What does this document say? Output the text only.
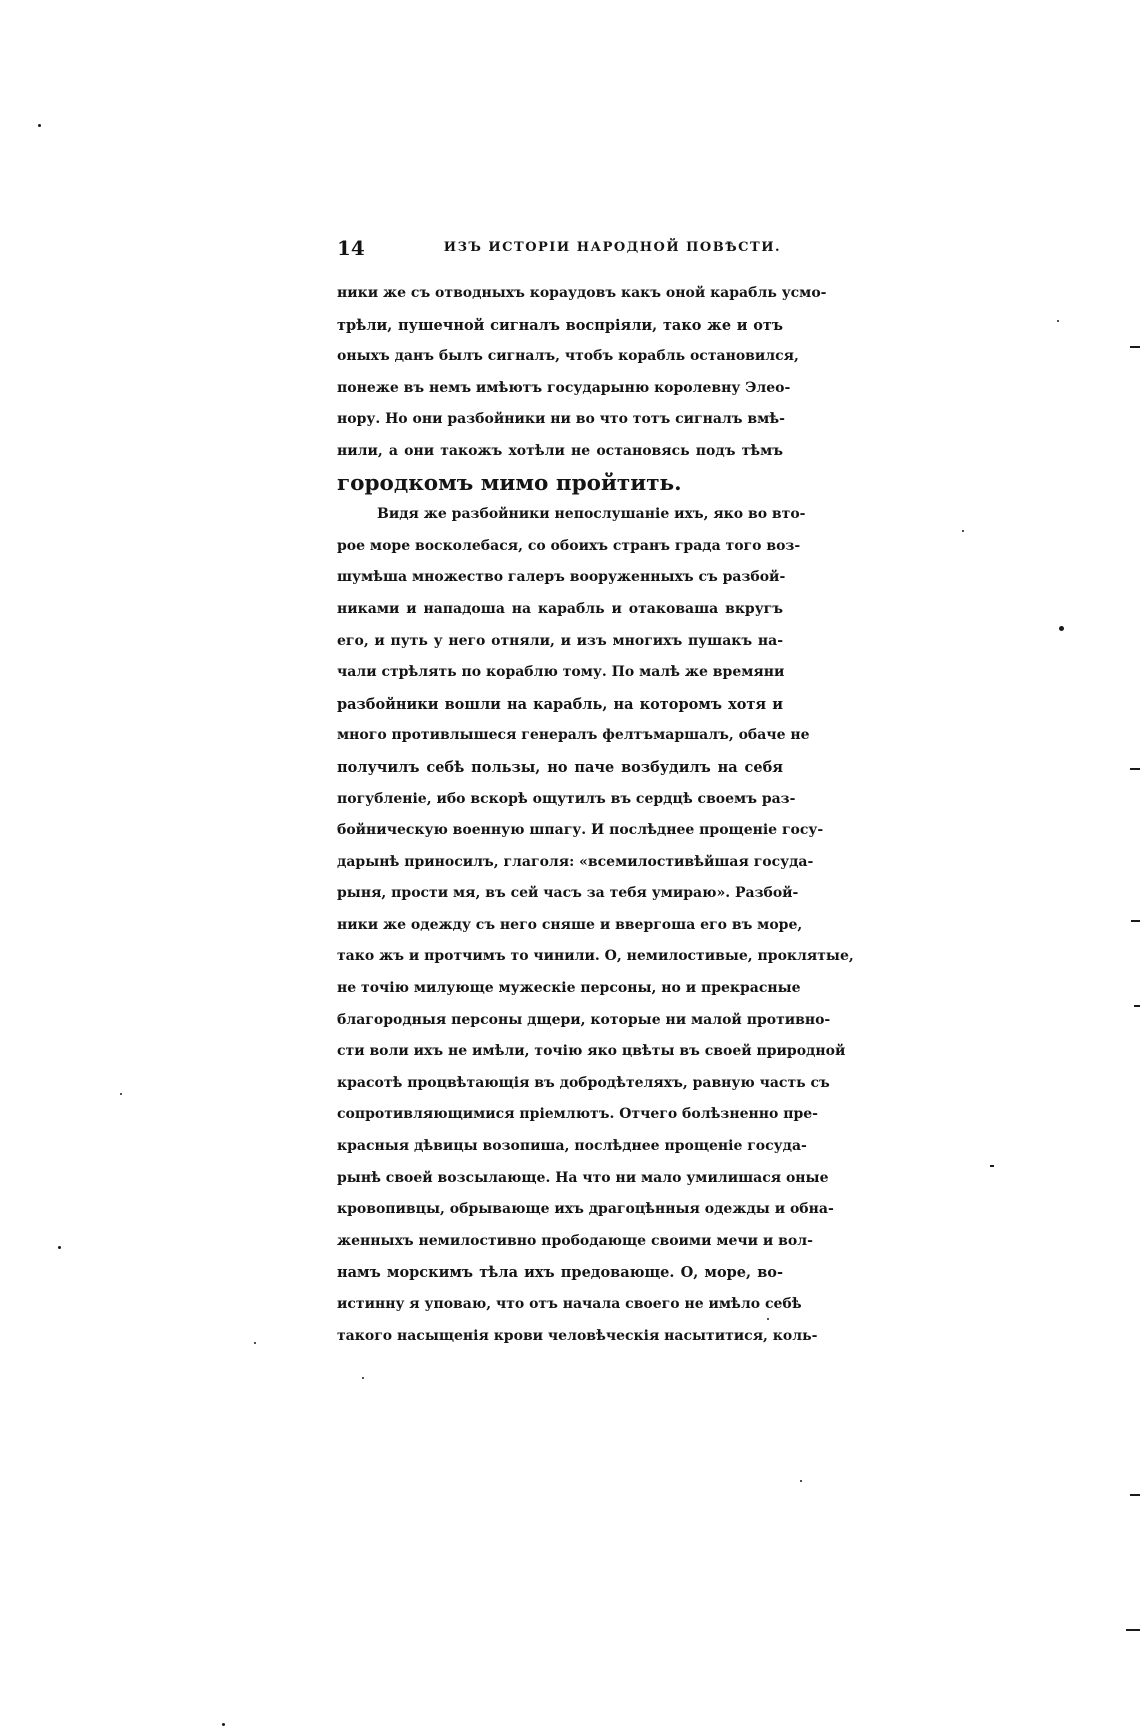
14	ИЗЪ ИСТОРІИ НАРОДНОЙ ПОВѢСТИ.

ники же съ отводныхъ кораудовъ какъ оной карабль усмо-
трѣли, пушечной сигналъ воспріяли, тако же и отъ
оныхъ данъ былъ сигналъ, чтобъ корабль остановился,
понеже въ немъ имѣютъ государыню королевну Элео-
нору. Но они разбойники ни во что тотъ сигналъ вмѣ-
нили, а они такожъ хотѣли не остановясь подъ тѣмъ
городкомъ мимо пройтить.

Видя же разбойники непослушаніе ихъ, яко во вто-
рое море восколебася, со обоихъ странъ града того воз-
шумѣша множество галеръ вооруженныхъ съ разбой-
никами и нападоша на карабль и отаковаша вкругъ
его, и путь у него отняли, и изъ многихъ пушакъ на-
чали стрѣлять по кораблю тому. По малѣ же времяни
разбойники вошли на карабль, на которомъ хотя и
много противлышеся генералъ фелтъмаршалъ, обаче не
получилъ себѣ пользы, но паче возбудилъ на себя
погубленіе, ибо вскорѣ ощутилъ въ сердцѣ своемъ раз-
бойническую военную шпагу. И послѣднее прощеніе госу-
дарынѣ приносилъ, глаголя: «всемилостивѣйшая госуда-
рыня, прости мя, въ сей часъ за тебя умираю». Разбой-
ники же одежду съ него сняше и ввергоша его въ море,
тако жъ и протчимъ то чинили. О, немилостивые, проклятые,
не точію милующе мужескіе персоны, но и прекрасные
благородныя персоны дщери, которые ни малой противно-
сти воли ихъ не имѣли, точію яко цвѣты въ своей природной
красотѣ процвѣтающія въ добродѣтеляхъ, равную часть съ
сопротивляющимися пріемлютъ. Отчего болѣзненно пре-
красныя дѣвицы возопиша, послѣднее прощеніе госуда-
рынѣ своей возсылающе. На что ни мало умилишася оные
кровопивцы, обрывающе ихъ драгоцѣнныя одежды и обна-
женныхъ немилостивно прободающе своими мечи и вол-
намъ морскимъ тѣла ихъ предовающе. О, море, во-
истинну я уповаю, что отъ начала своего не имѣло себѣ
такого насыщенія крови человѣческія насытитися, коль-
